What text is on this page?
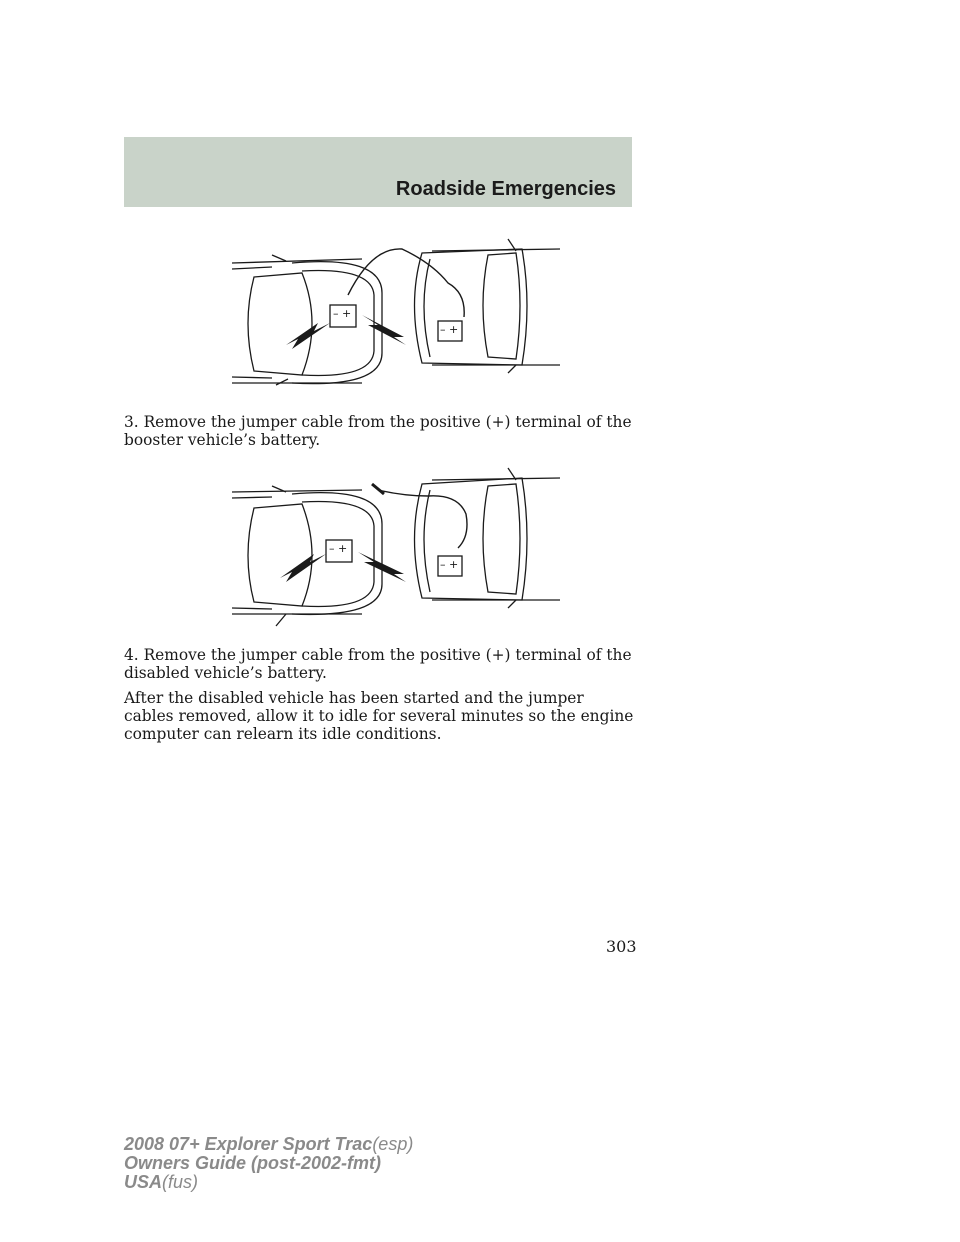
Roadside Emergencies
– +
– +

3. Remove the jumper cable from the positive (+) terminal of the booster vehicle’s battery.

– +
– +

4. Remove the jumper cable from the positive (+) terminal of the disabled vehicle’s battery.

After the disabled vehicle has been started and the jumper cables removed, allow it to idle for several minutes so the engine computer can relearn its idle conditions.

303
2008 07+ Explorer Sport Trac(esp)
Owners Guide (post-2002-fmt)
USA(fus)
